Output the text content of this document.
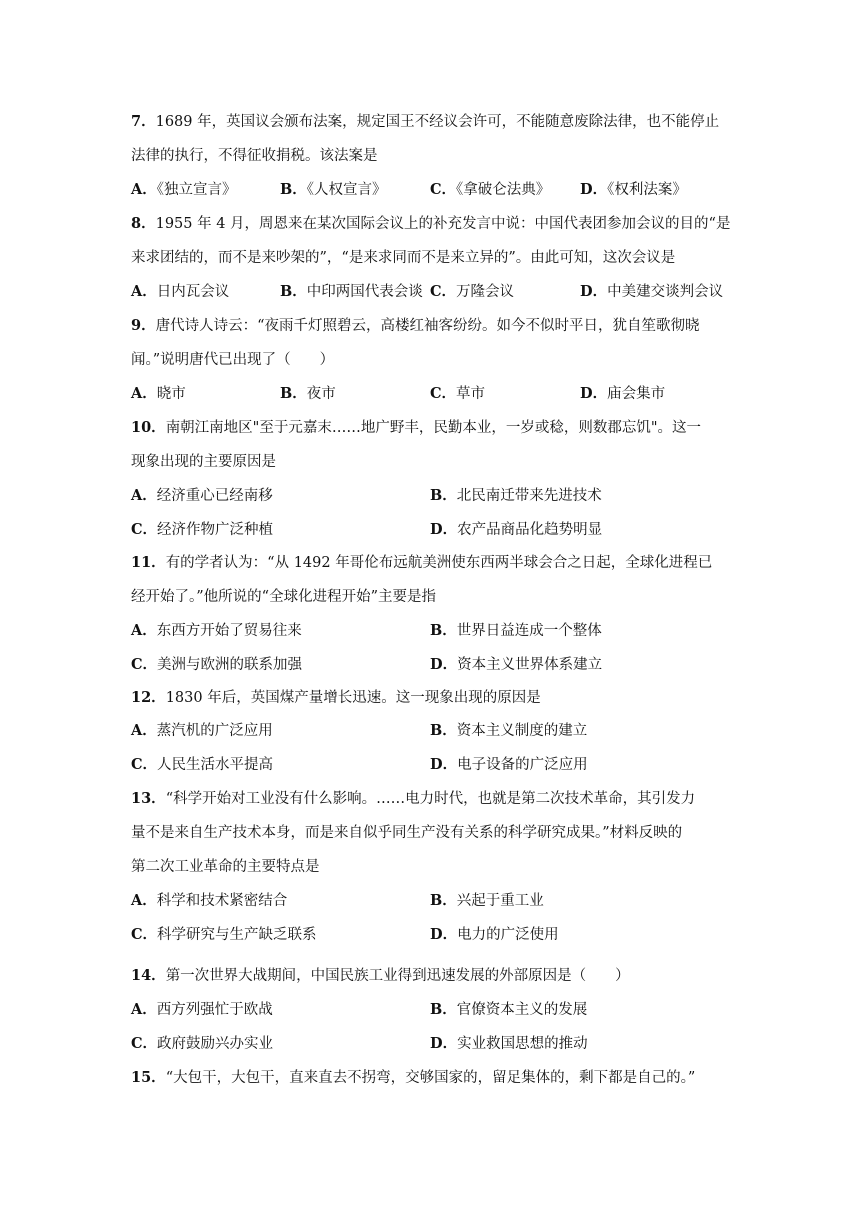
7．1689 年，英国议会颁布法案，规定国王不经议会许可，不能随意废除法律，也不能停止
法律的执行，不得征收捐税。该法案是
A．《独立宣言》	B．《人权宣言》	C．《拿破仑法典》 D．《权利法案》
8．1955 年 4 月，周恩来在某次国际会议上的补充发言中说：中国代表团参加会议的目的“是
来求团结的，而不是来吵架的”，“是来求同而不是来立异的”。由此可知，这次会议是
A．日内瓦会议	B．中印两国代表会谈 C．万隆会议	D．中美建交谈判会议
9．唐代诗人诗云：“夜雨千灯照碧云，高楼红袖客纷纷。如今不似时平日，犹自笙歌彻晓
闻。”说明唐代已出现了（　　）
A．晓市	B．夜市	C．草市	D．庙会集市
10．南朝江南地区"至于元嘉末……地广野丰，民勤本业，一岁或稔，则数郡忘饥"。这一
现象出现的主要原因是
A．经济重心已经南移	B．北民南迁带来先进技术
C．经济作物广泛种植	D．农产品商品化趋势明显
11．有的学者认为：“从 1492 年哥伦布远航美洲使东西两半球会合之日起，全球化进程已
经开始了。”他所说的“全球化进程开始”主要是指
A．东西方开始了贸易往来	B．世界日益连成一个整体
C．美洲与欧洲的联系加强	D．资本主义世界体系建立
12．1830 年后，英国煤产量增长迅速。这一现象出现的原因是
A．蒸汽机的广泛应用	B．资本主义制度的建立
C．人民生活水平提高	D．电子设备的广泛应用
13．“科学开始对工业没有什么影响。……电力时代，也就是第二次技术革命，其引发力
量不是来自生产技术本身，而是来自似乎同生产没有关系的科学研究成果。”材料反映的
第二次工业革命的主要特点是
A．科学和技术紧密结合	B．兴起于重工业
C．科学研究与生产缺乏联系	D．电力的广泛使用
14．第一次世界大战期间，中国民族工业得到迅速发展的外部原因是（　　）
A．西方列强忙于欧战	B．官僚资本主义的发展
C．政府鼓励兴办实业	D．实业救国思想的推动
15．“大包干，大包干，直来直去不拐弯，交够国家的，留足集体的，剩下都是自己的。”
